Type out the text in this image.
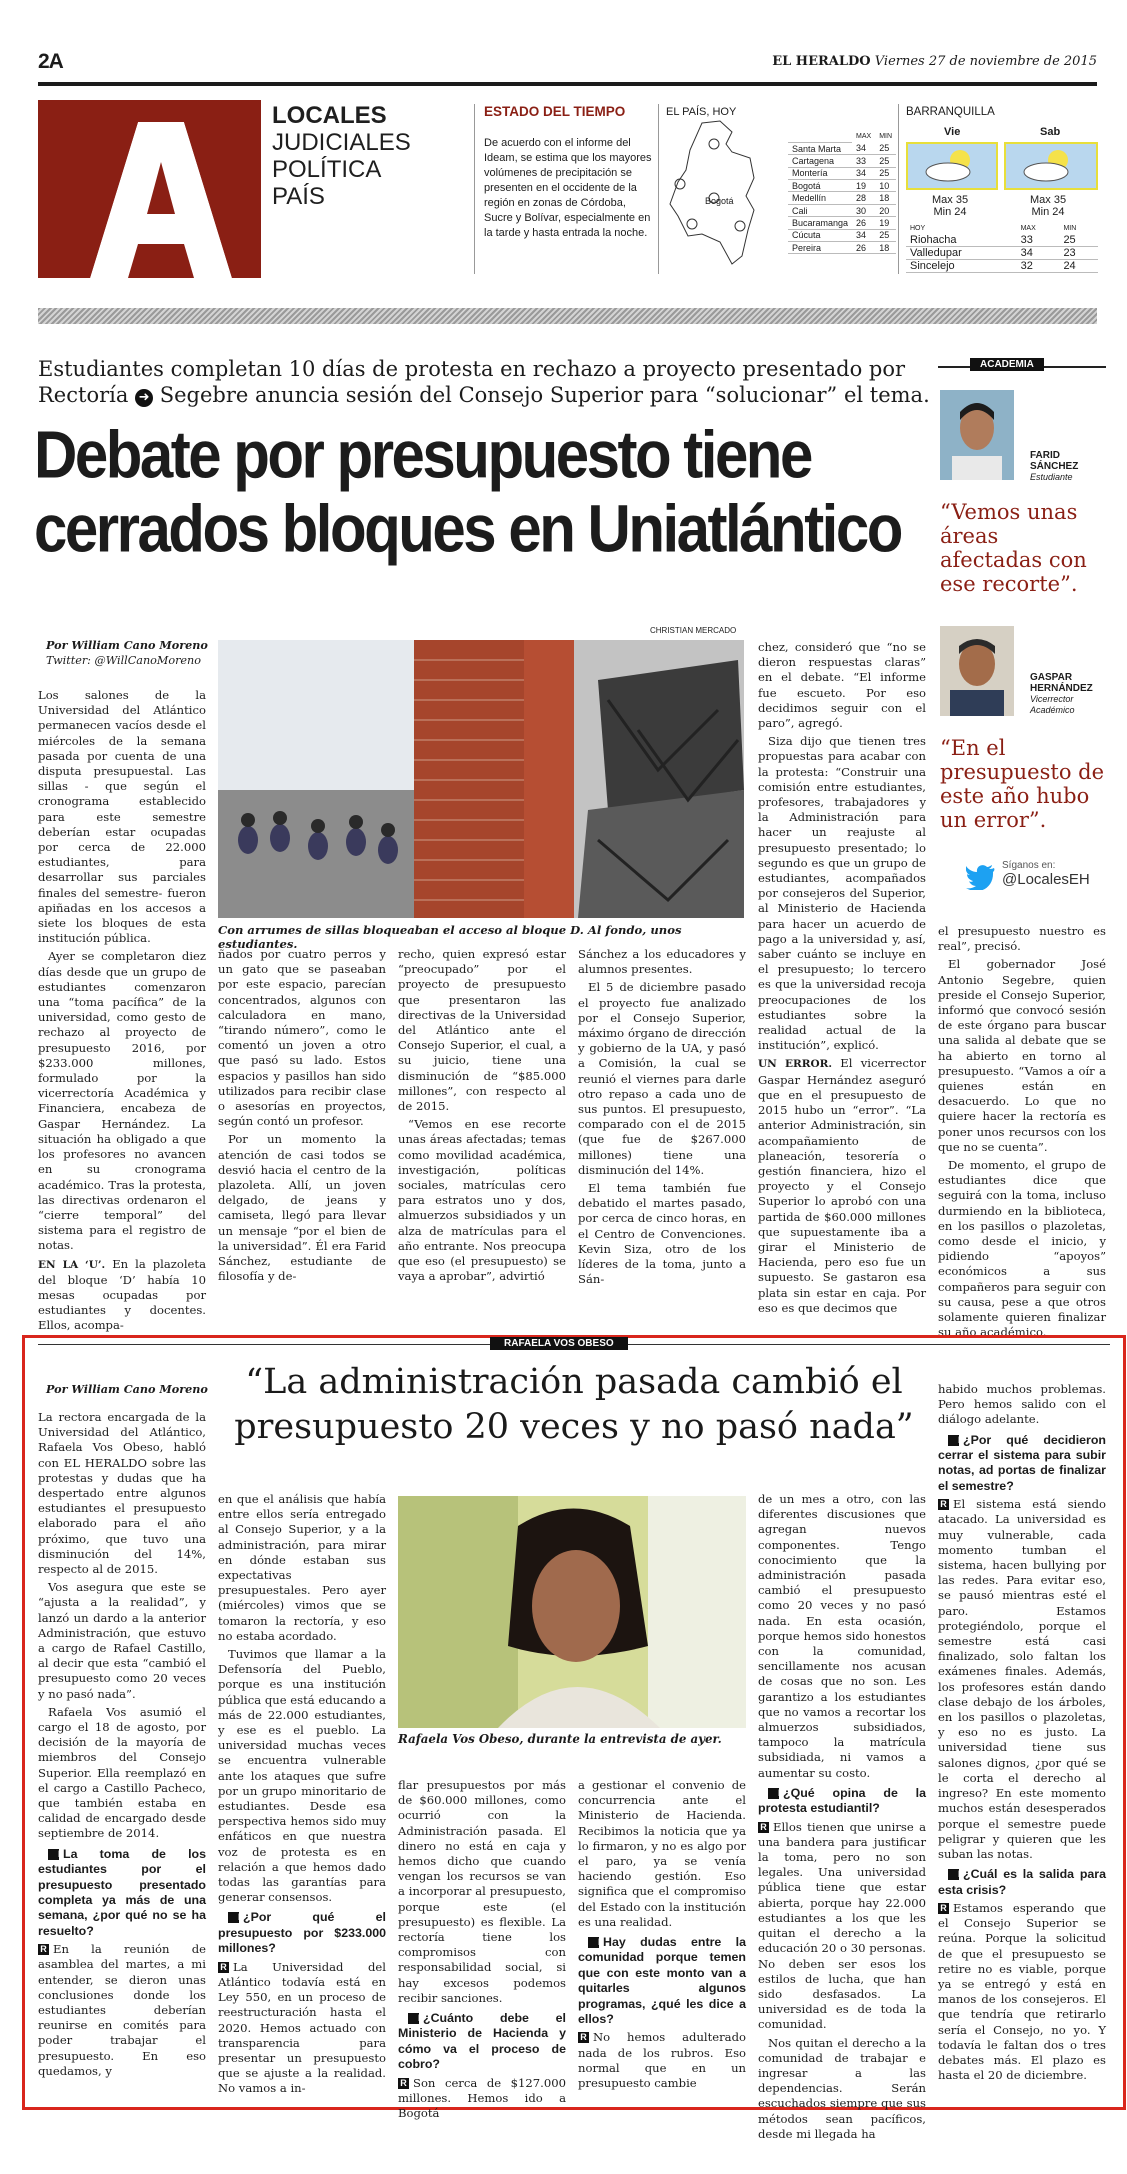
2A	EL HERALDO Viernes 27 de noviembre de 2015
LOCALES
JUDICIALES
POLÍTICA
PAÍS
ESTADO DEL TIEMPO
De acuerdo con el informe del Ideam, se estima que los mayores volúmenes de precipitación se presenten en el occidente de la región en zonas de Córdoba, Sucre y Bolívar, especialmente en la tarde y hasta entrada la noche.
EL PAÍS, HOY
Bogotá
	MAX	MIN
Santa Marta	34	25
Cartagena	33	25
Montería	34	25
Bogotá	19	10
Medellín	28	18
Cali	30	20
Bucaramanga	26	19
Cúcuta	34	25
Pereira	26	18
BARRANQUILLA
Vie	Sab
Max 35
Min 24
Max 35
Min 24
HOY	MAX	MIN
Riohacha	33	25
Valledupar	34	23
Sincelejo	32	24
Estudiantes completan 10 días de protesta en rechazo a proyecto presentado por
Rectoría ➜ Segebre anuncia sesión del Consejo Superior para “solucionar” el tema.
Debate por presupuesto tiene
cerrados bloques en Uniatlántico
Por William Cano Moreno
Twitter: @WillCanoMoreno
CHRISTIAN MERCADO
Con arrumes de sillas bloqueaban el acceso al bloque D. Al fondo, unos estudiantes.

Los salones de la Universidad del Atlántico permanecen vacíos desde el miércoles de la semana pasada por cuenta de una disputa presupuestal. Las sillas - que según el cronograma establecido para este semestre deberían estar ocupadas por cerca de 22.000 estudiantes, para desarrollar sus parciales finales del semestre- fueron apiñadas en los accesos a siete los bloques de esta institución pública.

Ayer se completaron diez días desde que un grupo de estudiantes comenzaron una “toma pacífica” de la universidad, como gesto de rechazo al proyecto de presupuesto 2016, por $233.000 millones, formulado por la vicerrectoría Académica y Financiera, encabeza de Gaspar Hernández. La situación ha obligado a que los profesores no avancen en su cronograma académico. Tras la protesta, las directivas ordenaron el “cierre temporal” del sistema para el registro de notas.

EN LA ‘U’. En la plazoleta del bloque ‘D’ había 10 mesas ocupadas por estudiantes y docentes. Ellos, acompa-

ñados por cuatro perros y un gato que se paseaban por este espacio, parecían concentrados, algunos con calculadora en mano, “tirando número”, como le comentó un joven a otro que pasó su lado. Estos espacios y pasillos han sido utilizados para recibir clase o asesorías en proyectos, según contó un profesor.

Por un momento la atención de casi todos se desvió hacia el centro de la plazoleta. Allí, un joven delgado, de jeans y camiseta, llegó para llevar un mensaje “por el bien de la universidad”. Él era Farid Sánchez, estudiante de filosofía y de-

recho, quien expresó estar “preocupado” por el proyecto de presupuesto que presentaron las directivas de la Universidad del Atlántico ante el Consejo Superior, el cual, a su juicio, tiene una disminución de “$85.000 millones”, con respecto al de 2015.

“Vemos en ese recorte unas áreas afectadas; temas como movilidad académica, investigación, políticas sociales, matrículas cero para estratos uno y dos, almuerzos subsidiados y un alza de matrículas para el año entrante. Nos preocupa que eso (el presupuesto) se vaya a aprobar”, advirtió

Sánchez a los educadores y alumnos presentes.

El 5 de diciembre pasado el proyecto fue analizado por el Consejo Superior, máximo órgano de dirección y gobierno de la UA, y pasó a Comisión, la cual se reunió el viernes para darle otro repaso a cada uno de sus puntos. El presupuesto, comparado con el de 2015 (que fue de $267.000 millones) tiene una disminución del 14%.

El tema también fue debatido el martes pasado, por cerca de cinco horas, en el Centro de Convenciones. Kevin Siza, otro de los líderes de la toma, junto a Sán-

chez, consideró que “no se dieron respuestas claras” en el debate. “El informe fue escueto. Por eso decidimos seguir con el paro”, agregó.

Siza dijo que tienen tres propuestas para acabar con la protesta: “Construir una comisión entre estudiantes, profesores, trabajadores y la Administración para hacer un reajuste al presupuesto presentado; lo segundo es que un grupo de estudiantes, acompañados por consejeros del Superior, al Ministerio de Hacienda para hacer un acuerdo de pago a la universidad y, así, saber cuánto se incluye en el presupuesto; lo tercero es que la universidad recoja preocupaciones de los estudiantes sobre la realidad actual de la institución”, explicó.

UN ERROR. El vicerrector Gaspar Hernández aseguró que en el presupuesto de 2015 hubo un “error”. “La anterior Administración, sin acompañamiento de planeación, tesorería o gestión financiera, hizo el proyecto y el Consejo Superior lo aprobó con una partida de $60.000 millones que supuestamente iba a girar el Ministerio de Hacienda, pero eso fue un supuesto. Se gastaron esa plata sin estar en caja. Por eso es que decimos que

el presupuesto nuestro es real”, precisó.

El gobernador José Antonio Segebre, quien preside el Consejo Superior, informó que convocó sesión de este órgano para buscar una salida al debate que se ha abierto en torno al presupuesto. “Vamos a oír a quienes están en desacuerdo. Lo que no quiere hacer la rectoría es poner unos recursos con los que no se cuenta”.

De momento, el grupo de estudiantes dice que seguirá con la toma, incluso durmiendo en la biblioteca, en los pasillos o plazoletas, como desde el inicio, y pidiendo “apoyos” económicos a sus compañeros para seguir con su causa, pese a que otros solamente quieren finalizar su año académico.

ACADEMIA
FARID SÁNCHEZ
Estudiante
“Vemos unas áreas afectadas con ese recorte”.
GASPAR HERNÁNDEZ
Vicerrector Académico
“En el presupuesto de este año hubo un error”.
Síganos en:
@LocalesEH
RAFAELA VOS OBESO
“La administración pasada cambió el
presupuesto 20 veces y no pasó nada”
Por William Cano Moreno
Rafaela Vos Obeso, durante la entrevista de ayer.

La rectora encargada de la Universidad del Atlántico, Rafaela Vos Obeso, habló con EL HERALDO sobre las protestas y dudas que ha despertado entre algunos estudiantes el presupuesto elaborado para el año próximo, que tuvo una disminución del 14%, respecto al de 2015.

Vos asegura que este se “ajusta a la realidad”, y lanzó un dardo a la anterior Administración, que estuvo a cargo de Rafael Castillo, al decir que esta “cambió el presupuesto como 20 veces y no pasó nada”.

Rafaela Vos asumió el cargo el 18 de agosto, por decisión de la mayoría de miembros del Consejo Superior. Ella reemplazó en el cargo a Castillo Pacheco, que también estaba en calidad de encargado desde septiembre de 2014.

PLa toma de los estudiantes por el presupuesto presentado completa ya más de una semana, ¿por qué no se ha resuelto?

R En la reunión de asamblea del martes, a mi entender, se dieron unas conclusiones donde los estudiantes deberían reunirse en comités para poder trabajar el presupuesto. En eso quedamos, y

en que el análisis que había entre ellos sería entregado al Consejo Superior, y a la administración, para mirar en dónde estaban sus expectativas presupuestales. Pero ayer (miércoles) vimos que se tomaron la rectoría, y eso no estaba acordado.

Tuvimos que llamar a la Defensoría del Pueblo, porque es una institución pública que está educando a más de 22.000 estudiantes, y ese es el pueblo. La universidad muchas veces se encuentra vulnerable ante los ataques que sufre por un grupo minoritario de estudiantes. Desde esa perspectiva hemos sido muy enfáticos en que nuestra voz de protesta es en relación a que hemos dado todas las garantías para generar consensos.

P¿Por qué el presupuesto por $233.000 millones?

R La Universidad del Atlántico todavía está en Ley 550, en un proceso de reestructuración hasta el 2020. Hemos actuado con transparencia para presentar un presupuesto que se ajuste a la realidad. No vamos a in-

flar presupuestos por más de $60.000 millones, como ocurrió con la Administración pasada. El dinero no está en caja y hemos dicho que cuando vengan los recursos se van a incorporar al presupuesto, porque este (el presupuesto) es flexible. La rectoría tiene los compromisos con responsabilidad social, si hay excesos podemos recibir sanciones.

P¿Cuánto debe el Ministerio de Hacienda y cómo va el proceso de cobro?

R Son cerca de $127.000 millones. Hemos ido a Bogotá

a gestionar el convenio de concurrencia ante el Ministerio de Hacienda. Recibimos la noticia que ya lo firmaron, y no es algo por el paro, ya se venía haciendo gestión. Eso significa que el compromiso del Estado con la institución es una realidad.

PHay dudas entre la comunidad porque temen que con este monto van a quitarles algunos programas, ¿qué les dice a ellos?

R No hemos adulterado nada de los rubros. Eso normal que en un presupuesto cambie

de un mes a otro, con las diferentes discusiones que agregan nuevos componentes. Tengo conocimiento que la administración pasada cambió el presupuesto como 20 veces y no pasó nada. En esta ocasión, porque hemos sido honestos con la comunidad, sencillamente nos acusan de cosas que no son. Les garantizo a los estudiantes que no vamos a recortar los almuerzos subsidiados, tampoco la matrícula subsidiada, ni vamos a aumentar su costo.

P¿Qué opina de la protesta estudiantil?

R Ellos tienen que unirse a una bandera para justificar la toma, pero no son legales. Una universidad pública tiene que estar abierta, porque hay 22.000 estudiantes a los que les quitan el derecho a la educación 20 o 30 personas. No deben ser esos los estilos de lucha, que han sido desfasados. La universidad es de toda la comunidad.

Nos quitan el derecho a la comunidad de trabajar e ingresar a las dependencias. Serán escuchados siempre que sus métodos sean pacíficos, desde mi llegada ha

habido muchos problemas. Pero hemos salido con el diálogo adelante.

P¿Por qué decidieron cerrar el sistema para subir notas, ad portas de finalizar el semestre?

R El sistema está siendo atacado. La universidad es muy vulnerable, cada momento tumban el sistema, hacen bullying por las redes. Para evitar eso, se pausó mientras esté el paro. Estamos protegiéndolo, porque el semestre está casi finalizado, solo faltan los exámenes finales. Además, los profesores están dando clase debajo de los árboles, en los pasillos o plazoletas, y eso no es justo. La universidad tiene sus salones dignos, ¿por qué se le corta el derecho al ingreso? En este momento muchos están desesperados porque el semestre puede peligrar y quieren que les suban las notas.

P¿Cuál es la salida para esta crisis?

R Estamos esperando que el Consejo Superior se reúna. Porque la solicitud de que el presupuesto se retire no es viable, porque ya se entregó y está en manos de los consejeros. El que tendría que retirarlo sería el Consejo, no yo. Y todavía le faltan dos o tres debates más. El plazo es hasta el 20 de diciembre.
